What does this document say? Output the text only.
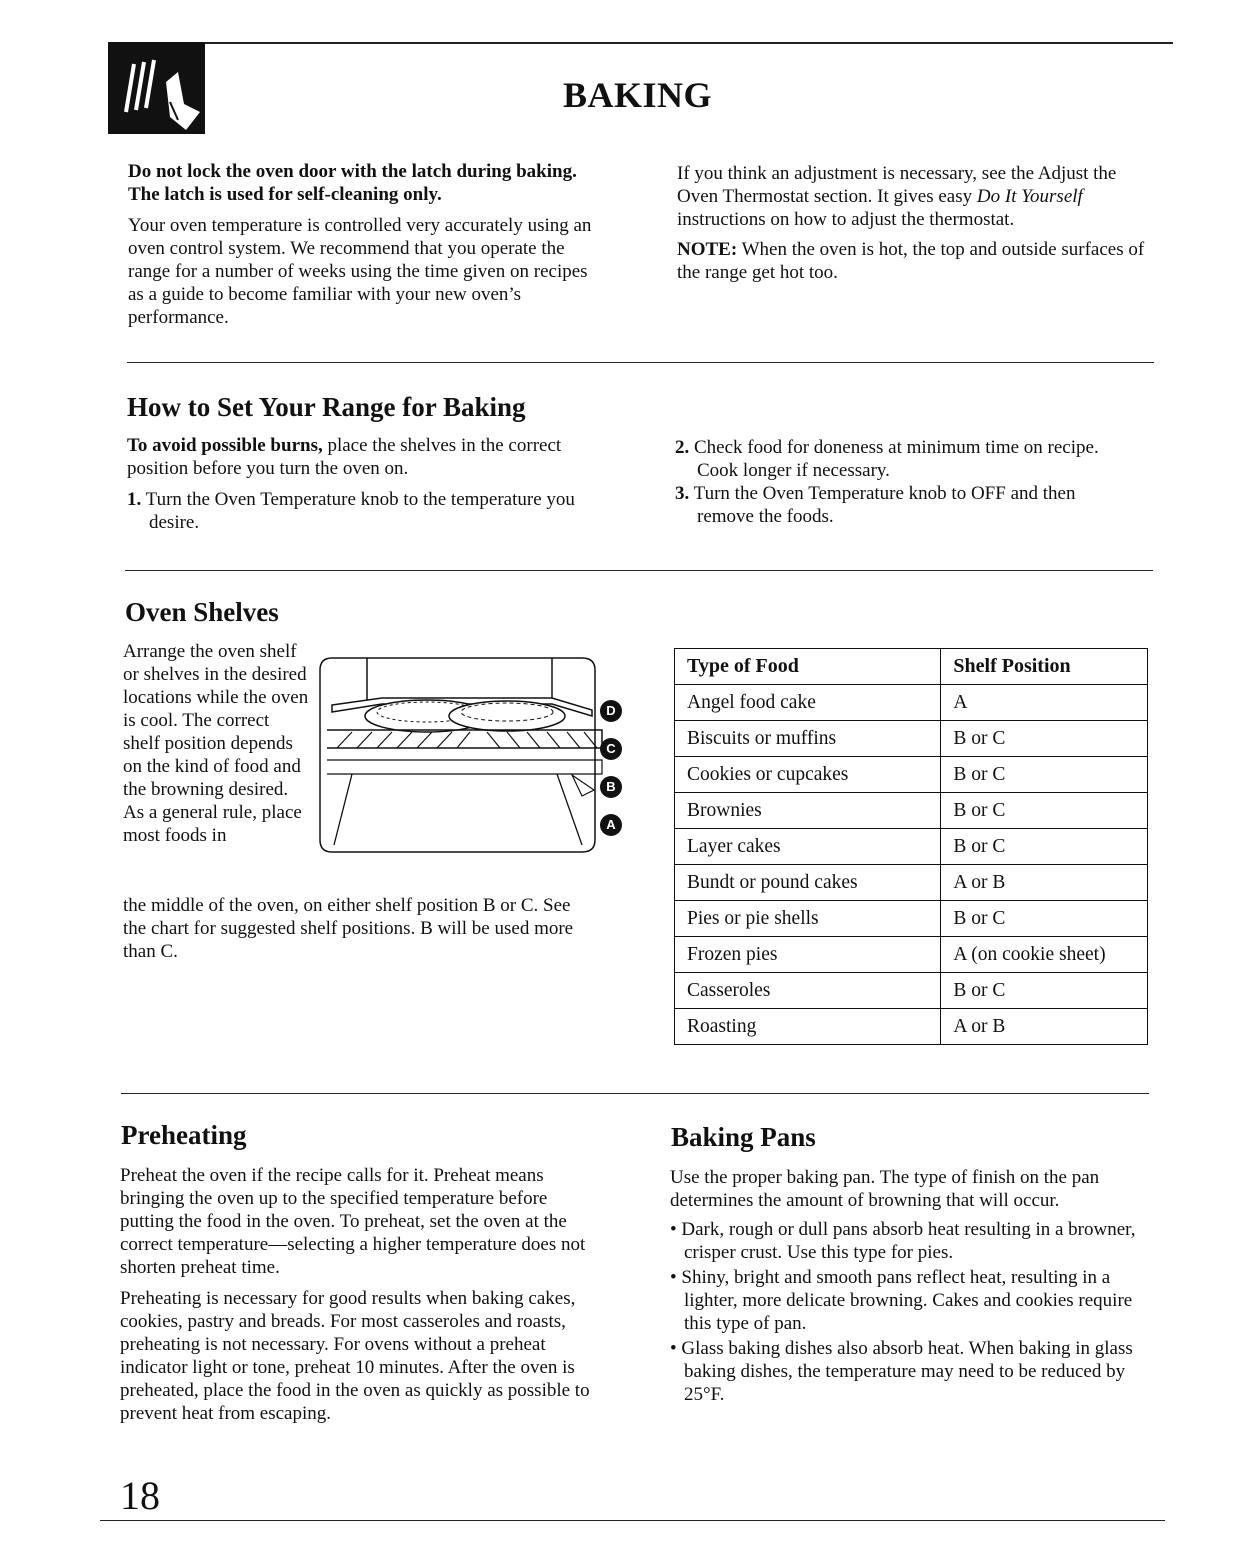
BAKING

Do not lock the oven door with the latch during baking. The latch is used for self-cleaning only.

Your oven temperature is controlled very accurately using an oven control system. We recommend that you operate the range for a number of weeks using the time given on recipes as a guide to become familiar with your new oven’s performance.

If you think an adjustment is necessary, see the Adjust the Oven Thermostat section. It gives easy Do It Yourself instructions on how to adjust the thermostat.

NOTE: When the oven is hot, the top and outside surfaces of the range get hot too.

How to Set Your Range for Baking

To avoid possible burns, place the shelves in the correct position before you turn the oven on.

1. Turn the Oven Temperature knob to the temperature you desire.

2. Check food for doneness at minimum time on recipe. Cook longer if necessary.

3. Turn the Oven Temperature knob to OFF and then remove the foods.

Oven Shelves
Arrange the oven shelf or shelves in the desired locations while the oven is cool. The correct shelf position depends on the kind of food and the browning desired. As a general rule, place most foods in
the middle of the oven, on either shelf position B or C. See the chart for suggested shelf positions. B will be used more than C.
D
C
B
A
Type of Food	Shelf Position
Angel food cake	A
Biscuits or muffins	B or C
Cookies or cupcakes	B or C
Brownies	B or C
Layer cakes	B or C
Bundt or pound cakes	A or B
Pies or pie shells	B or C
Frozen pies	A (on cookie sheet)
Casseroles	B or C
Roasting	A or B
Preheating

Preheat the oven if the recipe calls for it. Preheat means bringing the oven up to the specified temperature before putting the food in the oven. To preheat, set the oven at the correct temperature—selecting a higher temperature does not shorten preheat time.

Preheating is necessary for good results when baking cakes, cookies, pastry and breads. For most casseroles and roasts, preheating is not necessary. For ovens without a preheat indicator light or tone, preheat 10 minutes. After the oven is preheated, place the food in the oven as quickly as possible to prevent heat from escaping.

Baking Pans

Use the proper baking pan. The type of finish on the pan determines the amount of browning that will occur.

• Dark, rough or dull pans absorb heat resulting in a browner, crisper crust. Use this type for pies.

• Shiny, bright and smooth pans reflect heat, resulting in a lighter, more delicate browning. Cakes and cookies require this type of pan.

• Glass baking dishes also absorb heat. When baking in glass baking dishes, the temperature may need to be reduced by 25°F.

18
